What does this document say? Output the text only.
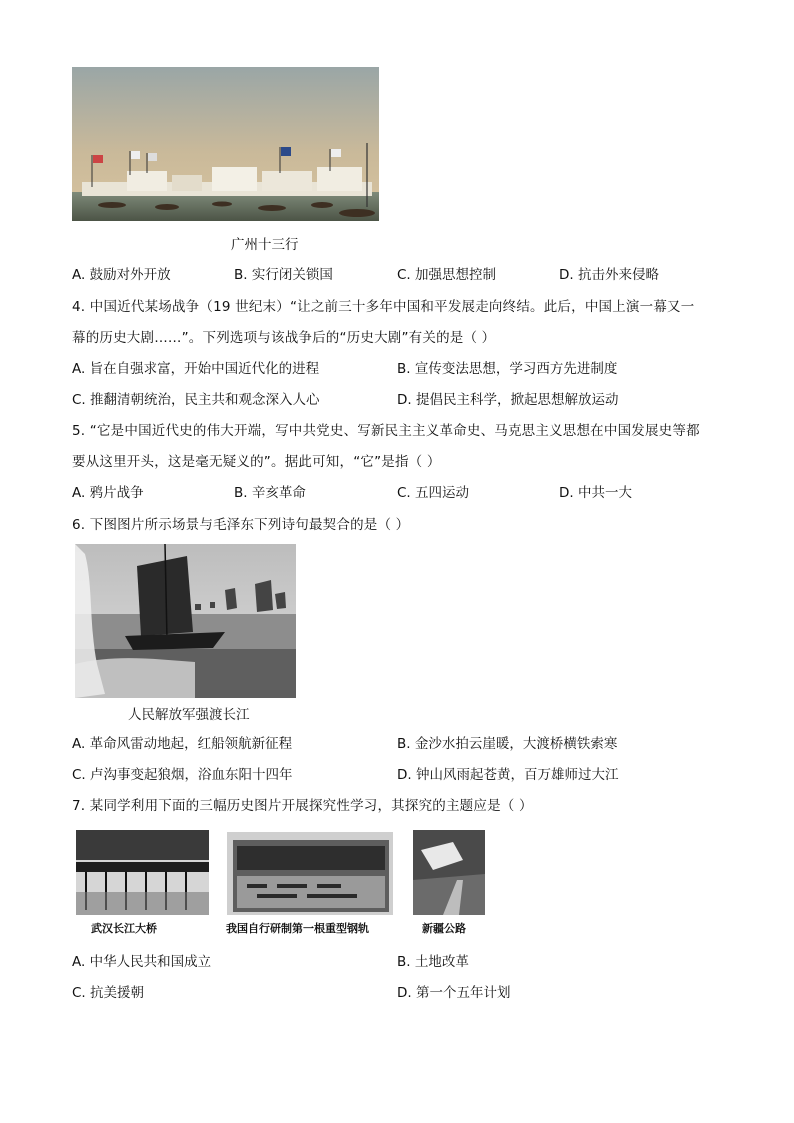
广州十三行
A. 鼓励对外开放	B. 实行闭关锁国	C. 加强思想控制	D. 抗击外来侵略
4. 中国近代某场战争（19 世纪末）“让之前三十多年中国和平发展走向终结。此后，中国上演一幕又一
幕的历史大剧……”。下列选项与该战争后的“历史大剧”有关的是（ ）
A. 旨在自强求富，开始中国近代化的进程	B. 宣传变法思想，学习西方先进制度
C. 推翻清朝统治，民主共和观念深入人心	D. 提倡民主科学，掀起思想解放运动
5. “它是中国近代史的伟大开端，写中共党史、写新民主主义革命史、马克思主义思想在中国发展史等都
要从这里开头，这是毫无疑义的”。据此可知，“它”是指（ ）
A. 鸦片战争	B. 辛亥革命	C. 五四运动	D. 中共一大
6. 下图图片所示场景与毛泽东下列诗句最契合的是（ ）
人民解放军强渡长江
A. 革命风雷动地起，红船领航新征程	B. 金沙水拍云崖暖，大渡桥横铁索寒
C. 卢沟事变起狼烟，浴血东阳十四年	D. 钟山风雨起苍黄，百万雄师过大江
7. 某同学利用下面的三幅历史图片开展探究性学习，其探究的主题应是（ ）
武汉长江大桥	我国自行研制第一根重型钢轨	新疆公路
A. 中华人民共和国成立	B. 土地改革
C. 抗美援朝	D. 第一个五年计划
